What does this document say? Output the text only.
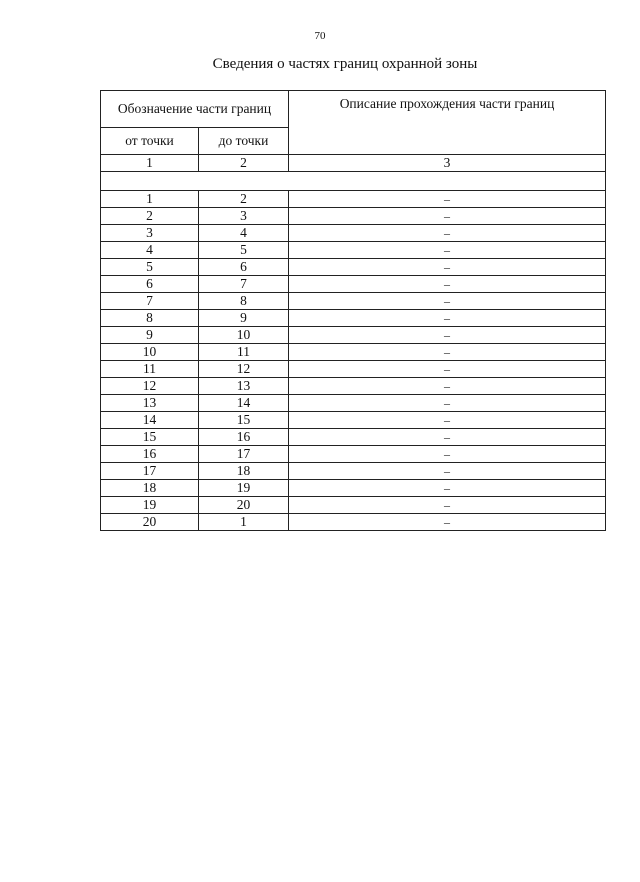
70
Сведения о частях границ охранной зоны
Обозначение части границ		Описание прохождения части границ
от точки	до точки	
1	2	3

1	2	–
2	3	–
3	4	–
4	5	–
5	6	–
6	7	–
7	8	–
8	9	–
9	10	–
10	11	–
11	12	–
12	13	–
13	14	–
14	15	–
15	16	–
16	17	–
17	18	–
18	19	–
19	20	–
20	1	–
